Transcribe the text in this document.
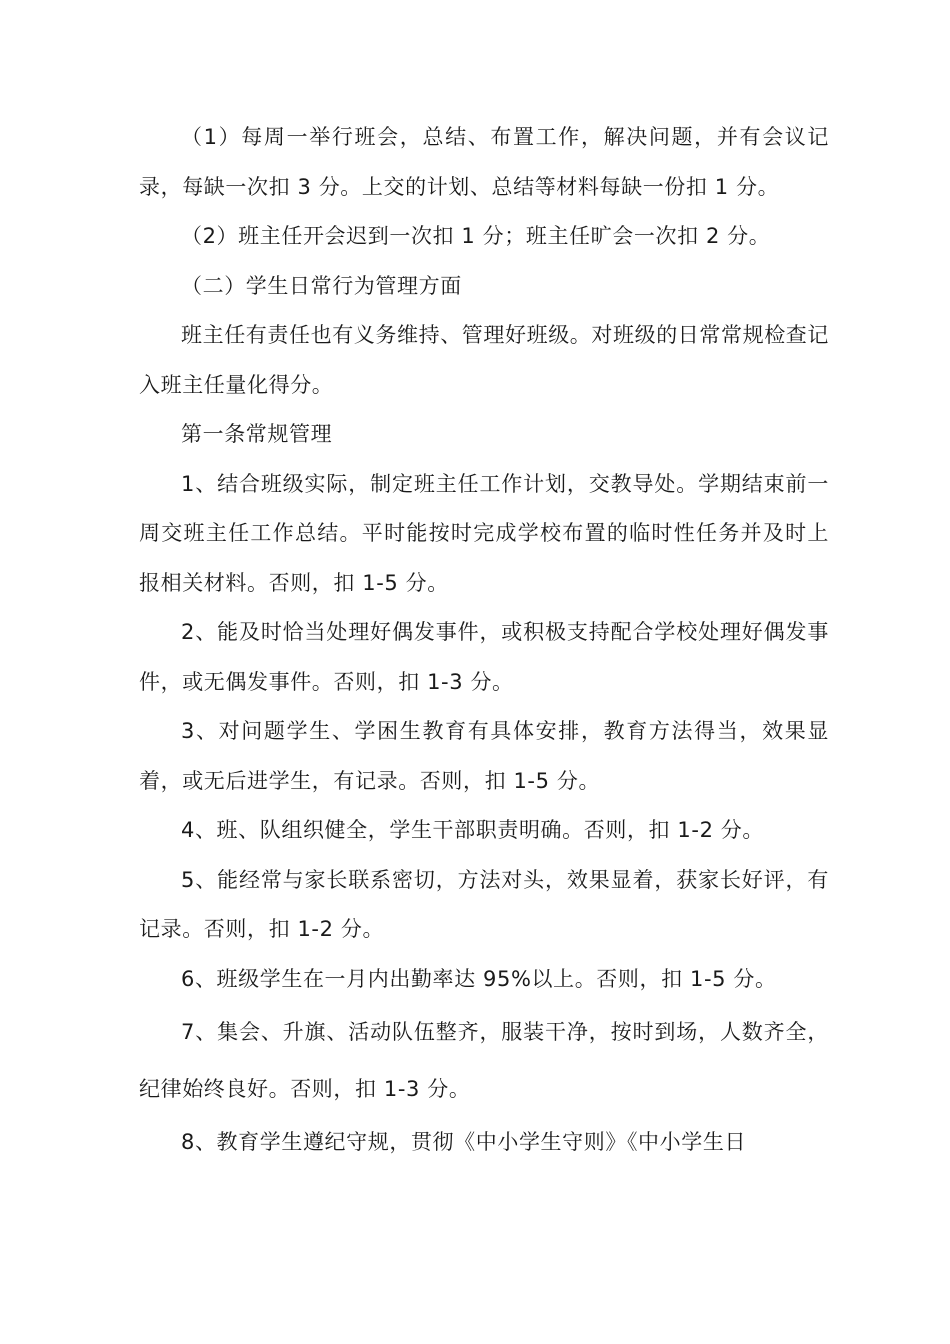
（1）每周一举行班会，总结、布置工作，解决问题，并有会议记录，每缺一次扣 3 分。上交的计划、总结等材料每缺一份扣 1 分。

（2）班主任开会迟到一次扣 1 分；班主任旷会一次扣 2 分。

（二）学生日常行为管理方面

班主任有责任也有义务维持、管理好班级。对班级的日常常规检查记入班主任量化得分。

第一条常规管理

1、结合班级实际，制定班主任工作计划，交教导处。学期结束前一周交班主任工作总结。平时能按时完成学校布置的临时性任务并及时上报相关材料。否则，扣 1-5 分。

2、能及时恰当处理好偶发事件，或积极支持配合学校处理好偶发事件，或无偶发事件。否则，扣 1-3 分。

3、对问题学生、学困生教育有具体安排，教育方法得当，效果显着，或无后进学生，有记录。否则，扣 1-5 分。

4、班、队组织健全，学生干部职责明确。否则，扣 1-2 分。

5、能经常与家长联系密切，方法对头，效果显着，获家长好评，有记录。否则，扣 1-2 分。

6、班级学生在一月内出勤率达 95%以上。否则，扣 1-5 分。

7、集会、升旗、活动队伍整齐，服装干净，按时到场，人数齐全，纪律始终良好。否则，扣 1-3 分。

8、教育学生遵纪守规，贯彻《中小学生守则》《中小学生日
